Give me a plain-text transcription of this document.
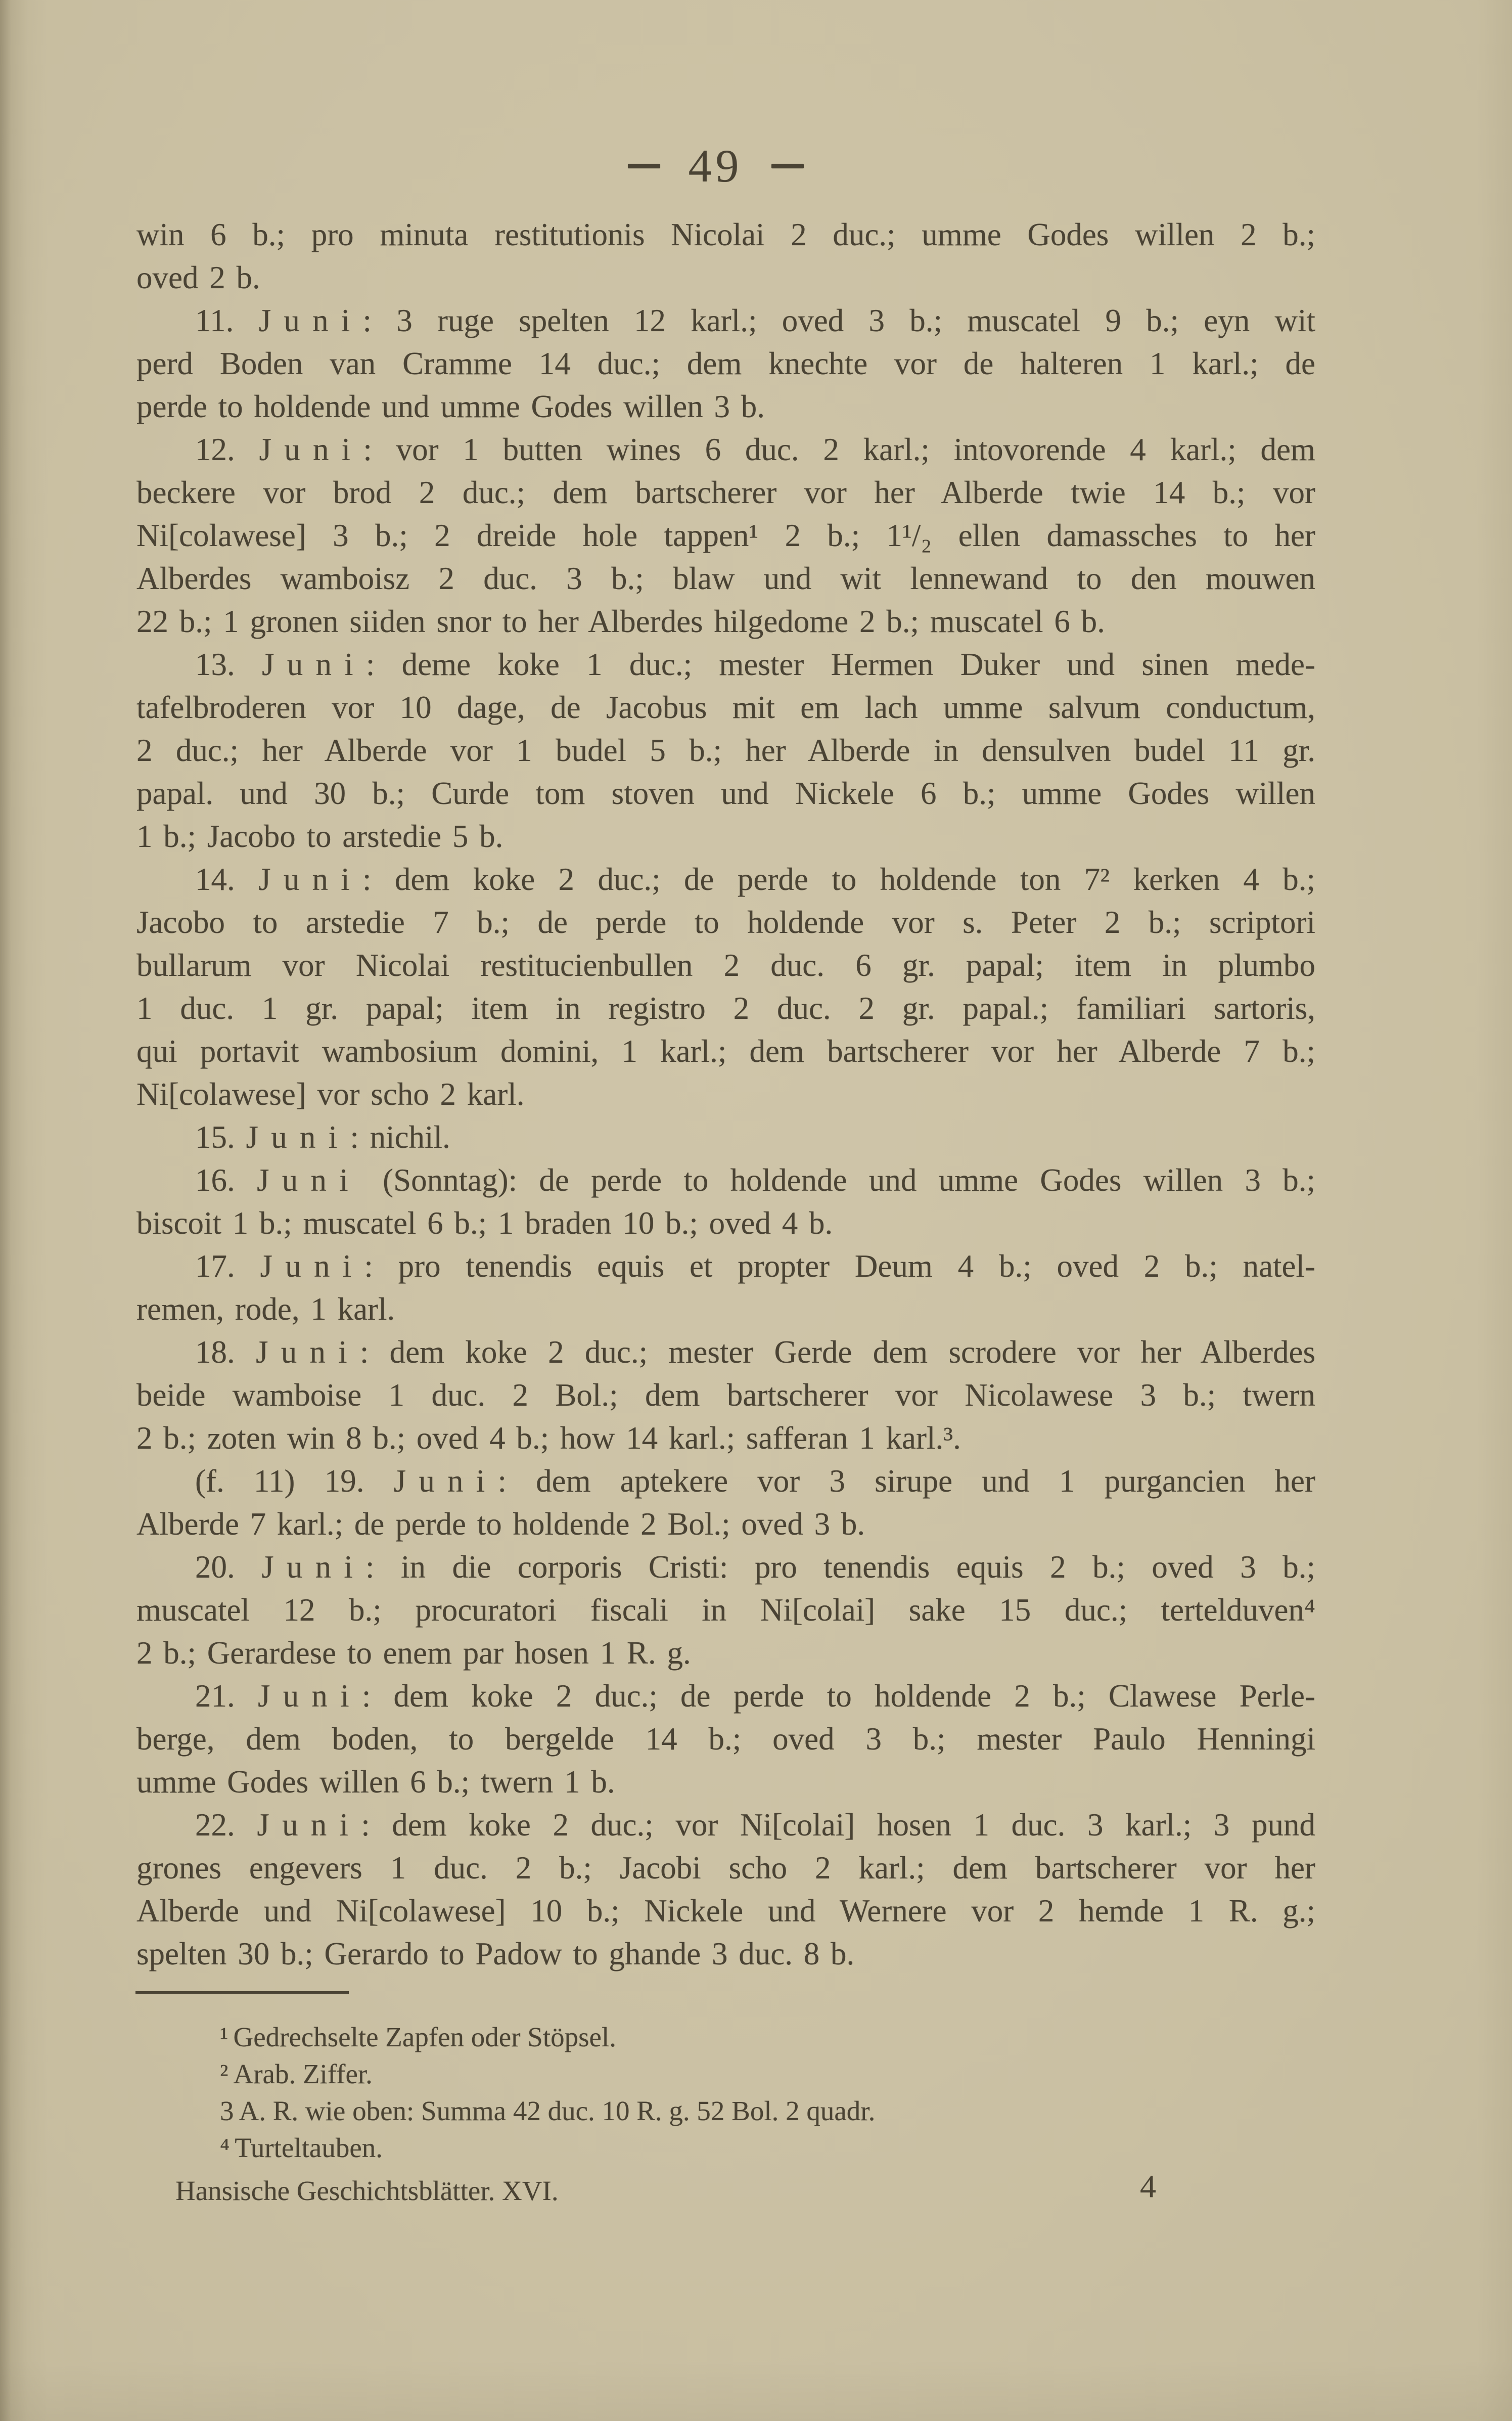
49
win 6 b.; pro minuta restitutionis Nicolai 2 duc.; umme Godes willen 2 b.;
oved 2 b.
11. Juni: 3 ruge spelten 12 karl.; oved 3 b.; muscatel 9 b.; eyn wit
perd Boden van Cramme 14 duc.; dem knechte vor de halteren 1 karl.; de
perde to holdende und umme Godes willen 3 b.
12. Juni: vor 1 butten wines 6 duc. 2 karl.; intovorende 4 karl.; dem
beckere vor brod 2 duc.; dem bartscherer vor her Alberde twie 14 b.; vor
Ni[colawese] 3 b.; 2 dreide hole tappen¹ 2 b.; 1¹/₂ ellen damassches to her
Alberdes wamboisz 2 duc. 3 b.; blaw und wit lennewand to den mouwen
22 b.; 1 gronen siiden snor to her Alberdes hilgedome 2 b.; muscatel 6 b.
13. Juni: deme koke 1 duc.; mester Hermen Duker und sinen mede-
tafelbroderen vor 10 dage, de Jacobus mit em lach umme salvum conductum,
2 duc.; her Alberde vor 1 budel 5 b.; her Alberde in densulven budel 11 gr.
papal. und 30 b.; Curde tom stoven und Nickele 6 b.; umme Godes willen
1 b.; Jacobo to arstedie 5 b.
14. Juni: dem koke 2 duc.; de perde to holdende ton 7² kerken 4 b.;
Jacobo to arstedie 7 b.; de perde to holdende vor s. Peter 2 b.; scriptori
bullarum vor Nicolai restitucienbullen 2 duc. 6 gr. papal; item in plumbo
1 duc. 1 gr. papal; item in registro 2 duc. 2 gr. papal.; familiari sartoris,
qui portavit wambosium domini, 1 karl.; dem bartscherer vor her Alberde 7 b.;
Ni[colawese] vor scho 2 karl.
15. Juni: nichil.
16. Juni (Sonntag): de perde to holdende und umme Godes willen 3 b.;
biscoit 1 b.; muscatel 6 b.; 1 braden 10 b.; oved 4 b.
17. Juni: pro tenendis equis et propter Deum 4 b.; oved 2 b.; natel-
remen, rode, 1 karl.
18. Juni: dem koke 2 duc.; mester Gerde dem scrodere vor her Alberdes
beide wamboise 1 duc. 2 Bol.; dem bartscherer vor Nicolawese 3 b.; twern
2 b.; zoten win 8 b.; oved 4 b.; how 14 karl.; safferan 1 karl.³.
(f. 11) 19. Juni: dem aptekere vor 3 sirupe und 1 purgancien her
Alberde 7 karl.; de perde to holdende 2 Bol.; oved 3 b.
20. Juni: in die corporis Cristi: pro tenendis equis 2 b.; oved 3 b.;
muscatel 12 b.; procuratori fiscali in Ni[colai] sake 15 duc.; tertelduven⁴
2 b.; Gerardese to enem par hosen 1 R. g.
21. Juni: dem koke 2 duc.; de perde to holdende 2 b.; Clawese Perle-
berge, dem boden, to bergelde 14 b.; oved 3 b.; mester Paulo Henningi
umme Godes willen 6 b.; twern 1 b.
22. Juni: dem koke 2 duc.; vor Ni[colai] hosen 1 duc. 3 karl.; 3 pund
grones engevers 1 duc. 2 b.; Jacobi scho 2 karl.; dem bartscherer vor her
Alberde und Ni[colawese] 10 b.; Nickele und Wernere vor 2 hemde 1 R. g.;
spelten 30 b.; Gerardo to Padow to ghande 3 duc. 8 b.
¹ Gedrechselte Zapfen oder Stöpsel.
² Arab. Ziffer.
3 A. R. wie oben: Summa 42 duc. 10 R. g. 52 Bol. 2 quadr.
⁴ Turteltauben.
Hansische Geschichtsblätter. XVI.	4
